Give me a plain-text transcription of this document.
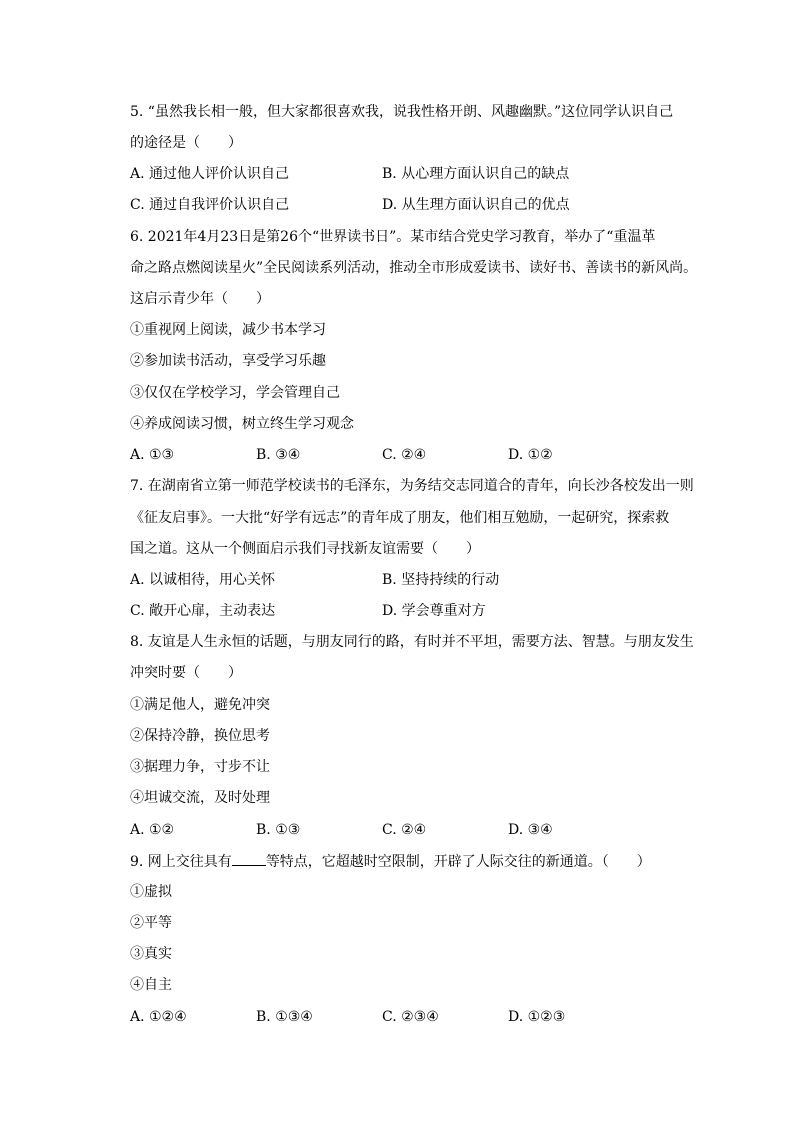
5. “虽然我长相一般，但大家都很喜欢我，说我性格开朗、风趣幽默。”这位同学认识自己
的途径是（　　）
A. 通过他人评价认识自己	B. 从心理方面认识自己的缺点
C. 通过自我评价认识自己	D. 从生理方面认识自己的优点
6. 2021年4月23日是第26个“世界读书日”。某市结合党史学习教育，举办了“重温革
命之路点燃阅读星火”全民阅读系列活动，推动全市形成爱读书、读好书、善读书的新风尚。
这启示青少年（　　）
①重视网上阅读，减少书本学习
②参加读书活动，享受学习乐趣
③仅仅在学校学习，学会管理自己
④养成阅读习惯，树立终生学习观念
A. ①③	B. ③④	C. ②④	D. ①②
7. 在湖南省立第一师范学校读书的毛泽东，为务结交志同道合的青年，向长沙各校发出一则
《征友启事》。一大批“好学有远志”的青年成了朋友，他们相互勉励，一起研究，探索救
国之道。这从一个侧面启示我们寻找新友谊需要（　　）
A. 以诚相待，用心关怀	B. 坚持持续的行动
C. 敞开心扉，主动表达	D. 学会尊重对方
8. 友谊是人生永恒的话题，与朋友同行的路，有时并不平坦，需要方法、智慧。与朋友发生
冲突时要（　　）
①满足他人，避免冲突
②保持冷静，换位思考
③据理力争，寸步不让
④坦诚交流，及时处理
A. ①②	B. ①③	C. ②④	D. ③④
9. 网上交往具有 等特点，它超越时空限制，开辟了人际交往的新通道。（　　）
①虚拟
②平等
③真实
④自主
A. ①②④	B. ①③④	C. ②③④	D. ①②③
